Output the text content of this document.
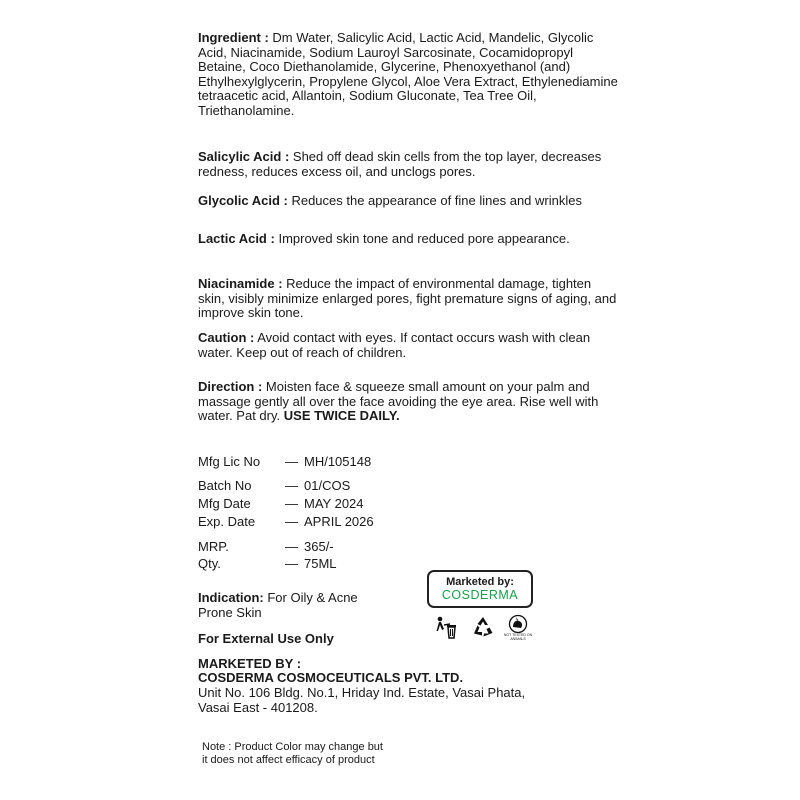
Ingredient : Dm Water, Salicylic Acid, Lactic Acid, Mandelic, Glycolic Acid, Niacinamide, Sodium Lauroyl Sarcosinate, Cocamidopropyl Betaine, Coco Diethanolamide, Glycerine, Phenoxyethanol (and) Ethylhexylglycerin, Propylene Glycol, Aloe Vera Extract, Ethylenediamine tetraacetic acid, Allantoin, Sodium Gluconate, Tea Tree Oil, Triethanolamine.
Salicylic Acid : Shed off dead skin cells from the top layer, decreases redness, reduces excess oil, and unclogs pores.
Glycolic Acid : Reduces the appearance of fine lines and wrinkles
Lactic Acid : Improved skin tone and reduced pore appearance.
Niacinamide : Reduce the impact of environmental damage, tighten skin, visibly minimize enlarged pores, fight premature signs of aging, and improve skin tone.
Caution : Avoid contact with eyes. If contact occurs wash with clean water. Keep out of reach of children.
Direction : Moisten face & squeeze small amount on your palm and massage gently all over the face avoiding the eye area. Rise well with water. Pat dry. USE TWICE DAILY.
Mfg Lic No	— MH/105148
Batch No	— 01/COS
Mfg Date	— MAY 2024
Exp. Date	— APRIL 2026
MRP.	— 365/-
Qty.	— 75ML
Indication: For Oily & Acne Prone Skin
For External Use Only
Marketed by:
COSDERMA
NOT TESTED ON ANIMALS
MARKETED BY :
COSDERMA COSMOCEUTICALS PVT. LTD.
Unit No. 106 Bldg. No.1, Hriday Ind. Estate, Vasai Phata, Vasai East - 401208.
Note : Product Color may change but
it does not affect efficacy of product
